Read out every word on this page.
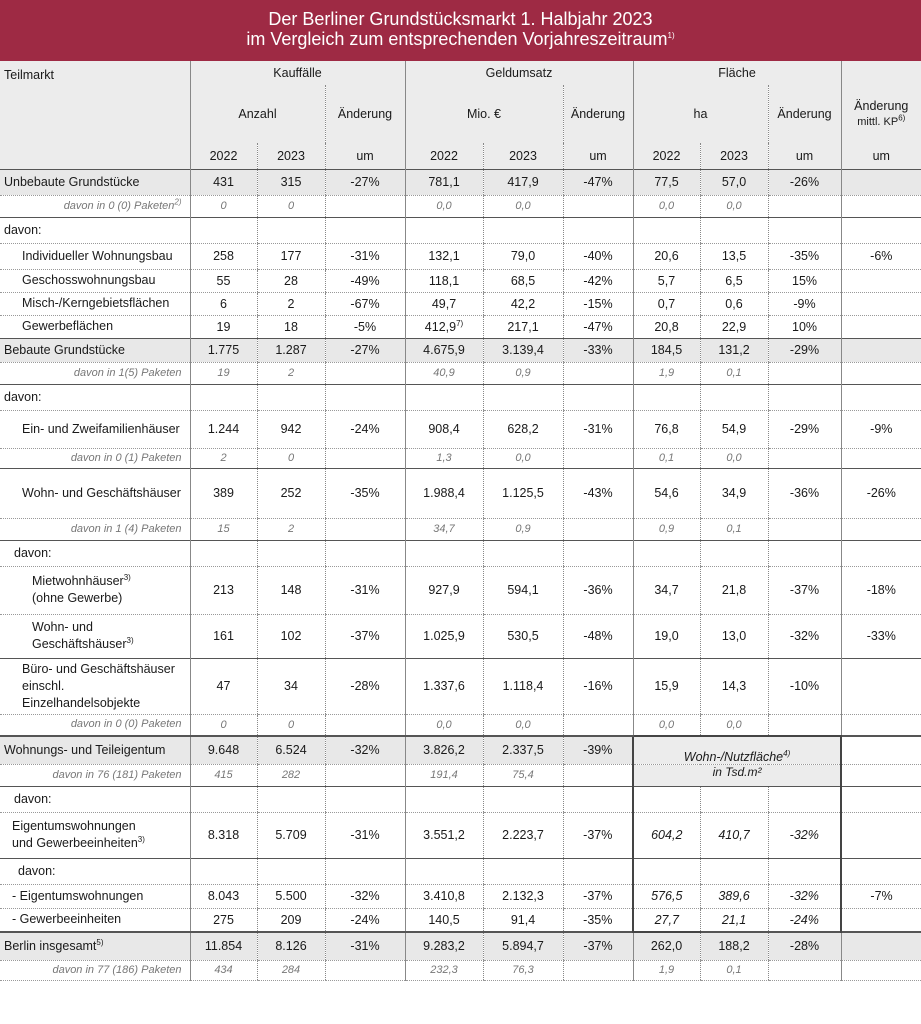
Der Berliner Grundstücksmarkt 1. Halbjahr 2023
im Vergleich zum entsprechenden Vorjahreszeitraum$^{1)}$
Teilmarkt	Kauffälle			Geldumsatz			Fläche			
	Anzahl		Änderung	Mio. €		Änderung	ha		Änderung	Änderung
mittl. KP$^{6)}$

	2022	2023	um	2022	2023	um	2022	2023	um	um
Unbebaute Grundstücke	431	315	-27%	781,1	417,9	-47%	77,5	57,0	-26%	
davon in 0 (0) Paketen$^{2)}$	0	0		0,0	0,0		0,0	0,0		
davon:										
Individueller Wohnungsbau	258	177	-31%	132,1	79,0	-40%	20,6	13,5	-35%	-6%
Geschosswohnungsbau	55	28	-49%	118,1	68,5	-42%	5,7	6,5	15%	
Misch-/Kerngebietsflächen	6	2	-67%	49,7	42,2	-15%	0,7	0,6	-9%	
Gewerbeflächen	19	18	-5%	412,9$^{7)}$	217,1	-47%	20,8	22,9	10%	
Bebaute Grundstücke	1.775	1.287	-27%	4.675,9	3.139,4	-33%	184,5	131,2	-29%	
davon in 1(5) Paketen	19	2		40,9	0,9		1,9	0,1		
davon:										
Ein- und Zweifamilienhäuser	1.244	942	-24%	908,4	628,2	-31%	76,8	54,9	-29%	-9%
davon in 0 (1) Paketen	2	0		1,3	0,0		0,1	0,0		
Wohn- und Geschäftshäuser	389	252	-35%	1.988,4	1.125,5	-43%	54,6	34,9	-36%	-26%
davon in 1 (4) Paketen	15	2		34,7	0,9		0,9	0,1		
davon:										
Mietwohnhäuser$^{3)}$
(ohne Gewerbe)	213	148	-31%	927,9	594,1	-36%	34,7	21,8	-37%	-18%
Wohn- und
Geschäftshäuser$^{3)}$	161	102	-37%	1.025,9	530,5	-48%	19,0	13,0	-32%	-33%
Büro- und Geschäftshäuser
einschl. Einzelhandelsobjekte	47	34	-28%	1.337,6	1.118,4	-16%	15,9	14,3	-10%	
davon in 0 (0) Paketen	0	0		0,0	0,0		0,0	0,0		
Wohnungs- und Teileigentum	9.648	6.524	-32%	3.826,2	2.337,5	-39%	Wohn-/Nutzfläche$^{4)}$	
davon in 76 (181) Paketen	415	282		191,4	75,4		in Tsd.m²			
davon:										
Eigentumswohnungen
und Gewerbeeinheiten$^{3)}$	8.318	5.709	-31%	3.551,2	2.223,7	-37%	604,2	410,7	-32%	
davon:										
- Eigentumswohnungen	8.043	5.500	-32%	3.410,8	2.132,3	-37%	576,5	389,6	-32%	-7%
- Gewerbeeinheiten	275	209	-24%	140,5	91,4	-35%	27,7	21,1	-24%	
Berlin insgesamt$^{5)}$	11.854	8.126	-31%	9.283,2	5.894,7	-37%	262,0	188,2	-28%	
davon in 77 (186) Paketen	434	284		232,3	76,3		1,9	0,1		
